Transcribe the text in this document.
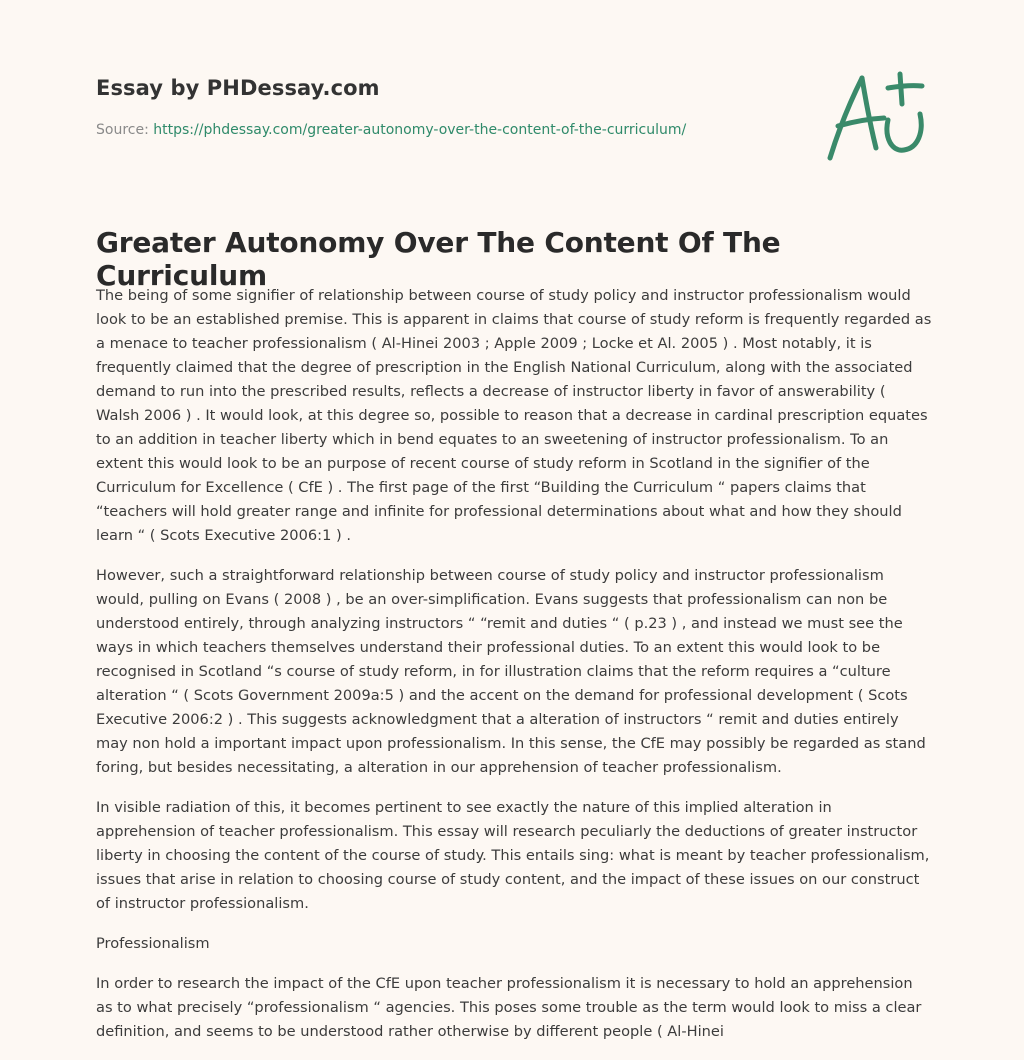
Essay by PHDessay.com
Source: https://phdessay.com/greater-autonomy-over-the-content-of-the-curriculum/
Greater Autonomy Over The Content Of The Curriculum

The being of some signifier of relationship between course of study policy and instructor professionalism would look to be an established premise. This is apparent in claims that course of study reform is frequently regarded as a menace to teacher professionalism ( Al-Hinei 2003 ; Apple 2009 ; Locke et Al. 2005 ) . Most notably, it is frequently claimed that the degree of prescription in the English National Curriculum, along with the associated demand to run into the prescribed results, reflects a decrease of instructor liberty in favor of answerability ( Walsh 2006 ) . It would look, at this degree so, possible to reason that a decrease in cardinal prescription equates to an addition in teacher liberty which in bend equates to an sweetening of instructor professionalism. To an extent this would look to be an purpose of recent course of study reform in Scotland in the signifier of the Curriculum for Excellence ( CfE ) . The first page of the first “Building the Curriculum “ papers claims that “teachers will hold greater range and infinite for professional determinations about what and how they should learn “ ( Scots Executive 2006:1 ) .

However, such a straightforward relationship between course of study policy and instructor professionalism would, pulling on Evans ( 2008 ) , be an over-simplification. Evans suggests that professionalism can non be understood entirely, through analyzing instructors “ “remit and duties “ ( p.23 ) , and instead we must see the ways in which teachers themselves understand their professional duties. To an extent this would look to be recognised in Scotland “s course of study reform, in for illustration claims that the reform requires a “culture alteration “ ( Scots Government 2009a:5 ) and the accent on the demand for professional development ( Scots Executive 2006:2 ) . This suggests acknowledgment that a alteration of instructors “ remit and duties entirely may non hold a important impact upon professionalism. In this sense, the CfE may possibly be regarded as stand foring, but besides necessitating, a alteration in our apprehension of teacher professionalism.

In visible radiation of this, it becomes pertinent to see exactly the nature of this implied alteration in apprehension of teacher professionalism. This essay will research peculiarly the deductions of greater instructor liberty in choosing the content of the course of study. This entails sing: what is meant by teacher professionalism, issues that arise in relation to choosing course of study content, and the impact of these issues on our construct of instructor professionalism.

Professionalism

In order to research the impact of the CfE upon teacher professionalism it is necessary to hold an apprehension as to what precisely “professionalism “ agencies. This poses some trouble as the term would look to miss a clear definition, and seems to be understood rather otherwise by different people ( Al-Hinei
